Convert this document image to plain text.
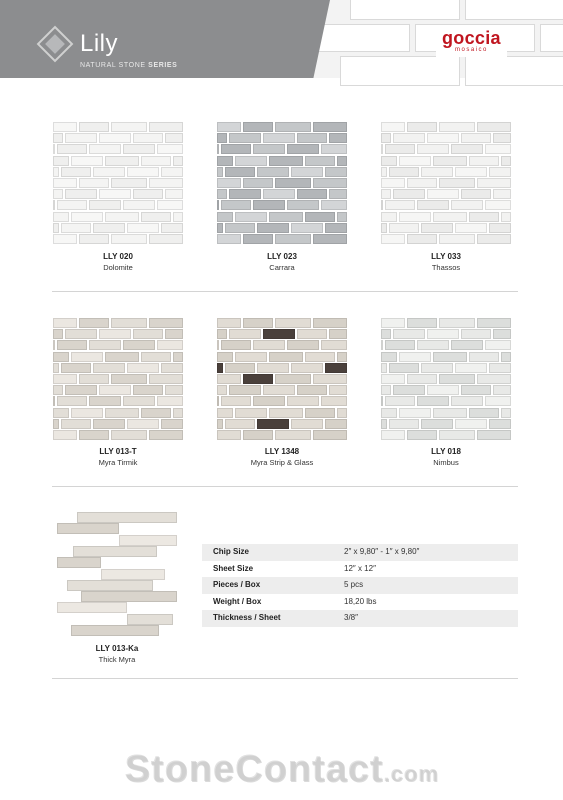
Lily
NATURAL STONE SERIES
goccia
mosaico
LLY 020
Dolomite
LLY 023
Carrara
LLY 033
Thassos
LLY 013-T
Myra Tirmik
LLY 1348
Myra Strip & Glass
LLY 018
Nimbus
LLY 013-Ka
Thick Myra
Chip Size	2″ x 9,80″ - 1″ x 9,80″
Sheet Size	12″ x 12″
Pieces / Box	5 pcs
Weight / Box	18,20 lbs
Thickness / Sheet	3/8″
StoneContact.com
